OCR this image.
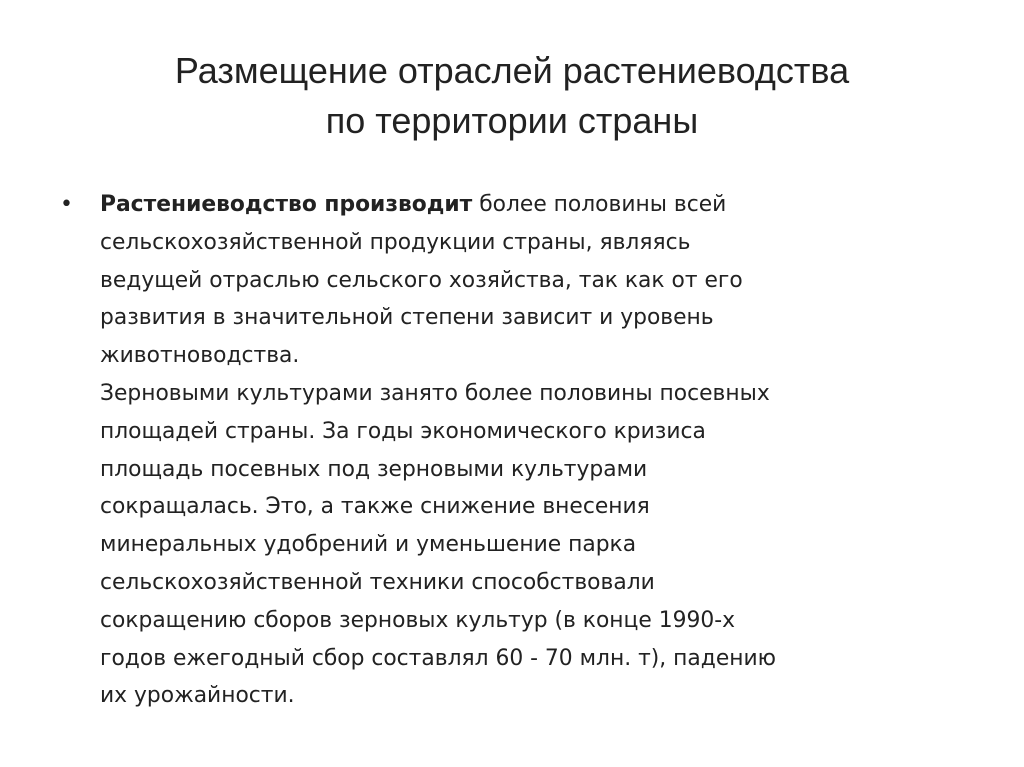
Размещение отраслей растениеводства
по территории страны
•	Растениеводство производит более половины всей
сельскохозяйственной продукции страны, являясь
ведущей отраслью сельского хозяйства, так как от его
развития в значительной степени зависит и уровень
животноводства.
Зерновыми культурами занято более половины посевных
площадей страны. За годы экономического кризиса
площадь посевных под зерновыми культурами
сокращалась. Это, а также снижение внесения
минеральных удобрений и уменьшение парка
сельскохозяйственной техники способствовали
сокращению сборов зерновых культур (в конце 1990-х
годов ежегодный сбор составлял 60 - 70 млн. т), падению
их урожайности.
